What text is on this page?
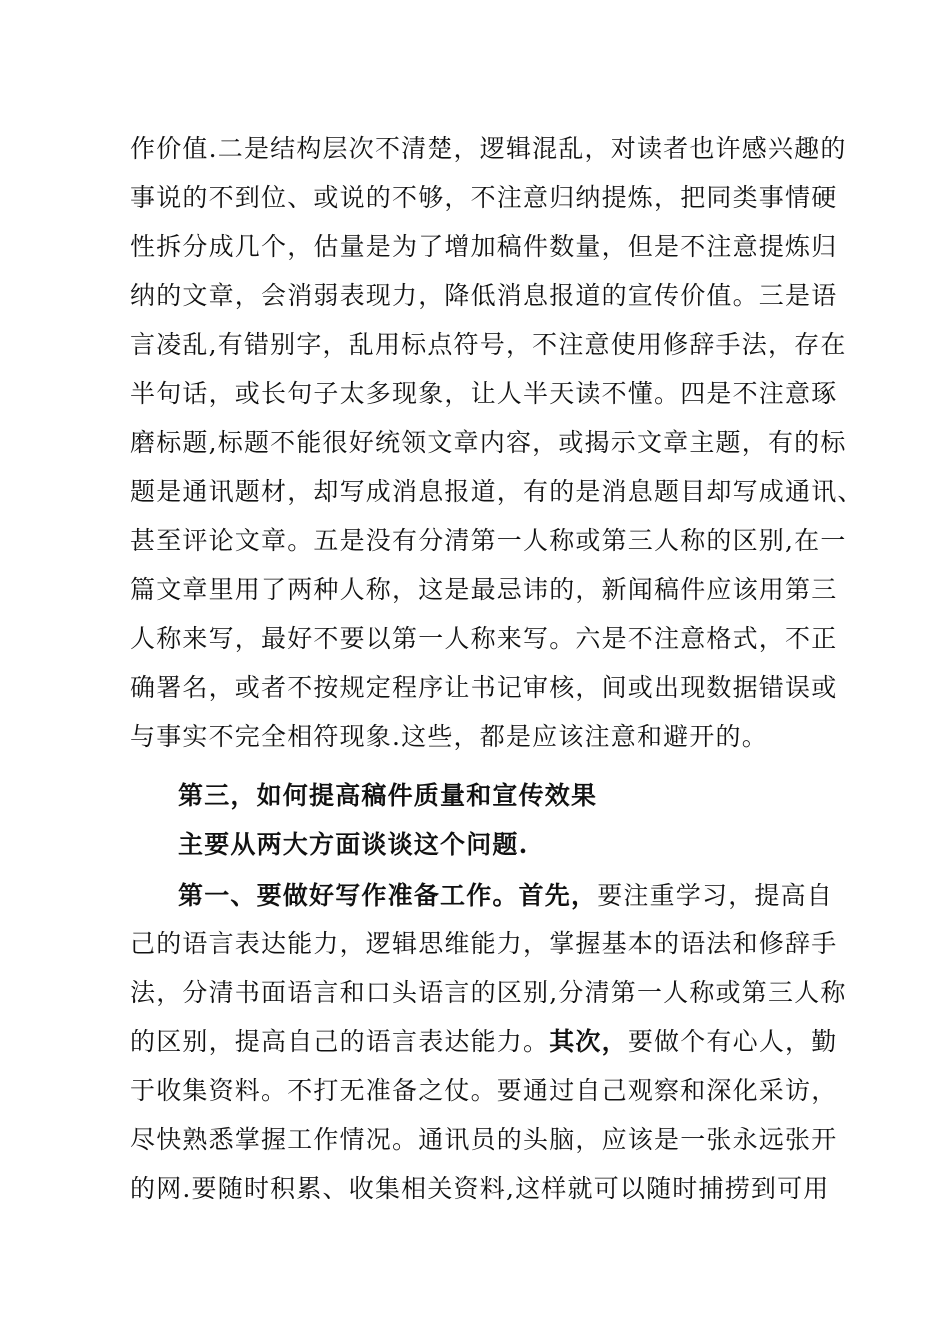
作价值.二是结构层次不清楚，逻辑混乱，对读者也许感兴趣的
事说的不到位、或说的不够，不注意归纳提炼，把同类事情硬
性拆分成几个，估量是为了增加稿件数量，但是不注意提炼归
纳的文章，会消弱表现力，降低消息报道的宣传价值。三是语
言凌乱,有错别字，乱用标点符号，不注意使用修辞手法，存在
半句话，或长句子太多现象，让人半天读不懂。四是不注意琢
磨标题,标题不能很好统领文章内容，或揭示文章主题，有的标
题是通讯题材，却写成消息报道，有的是消息题目却写成通讯、
甚至评论文章。五是没有分清第一人称或第三人称的区别,在一
篇文章里用了两种人称，这是最忌讳的，新闻稿件应该用第三
人称来写，最好不要以第一人称来写。六是不注意格式，不正
确署名，或者不按规定程序让书记审核，间或出现数据错误或
与事实不完全相符现象.这些，都是应该注意和避开的。
第三，如何提高稿件质量和宣传效果
主要从两大方面谈谈这个问题.
第一、要做好写作准备工作。首先，要注重学习，提高自
己的语言表达能力，逻辑思维能力，掌握基本的语法和修辞手
法，分清书面语言和口头语言的区别,分清第一人称或第三人称
的区别，提高自己的语言表达能力。其次，要做个有心人，勤
于收集资料。不打无准备之仗。要通过自己观察和深化采访，
尽快熟悉掌握工作情况。通讯员的头脑，应该是一张永远张开
的网.要随时积累、收集相关资料,这样就可以随时捕捞到可用
